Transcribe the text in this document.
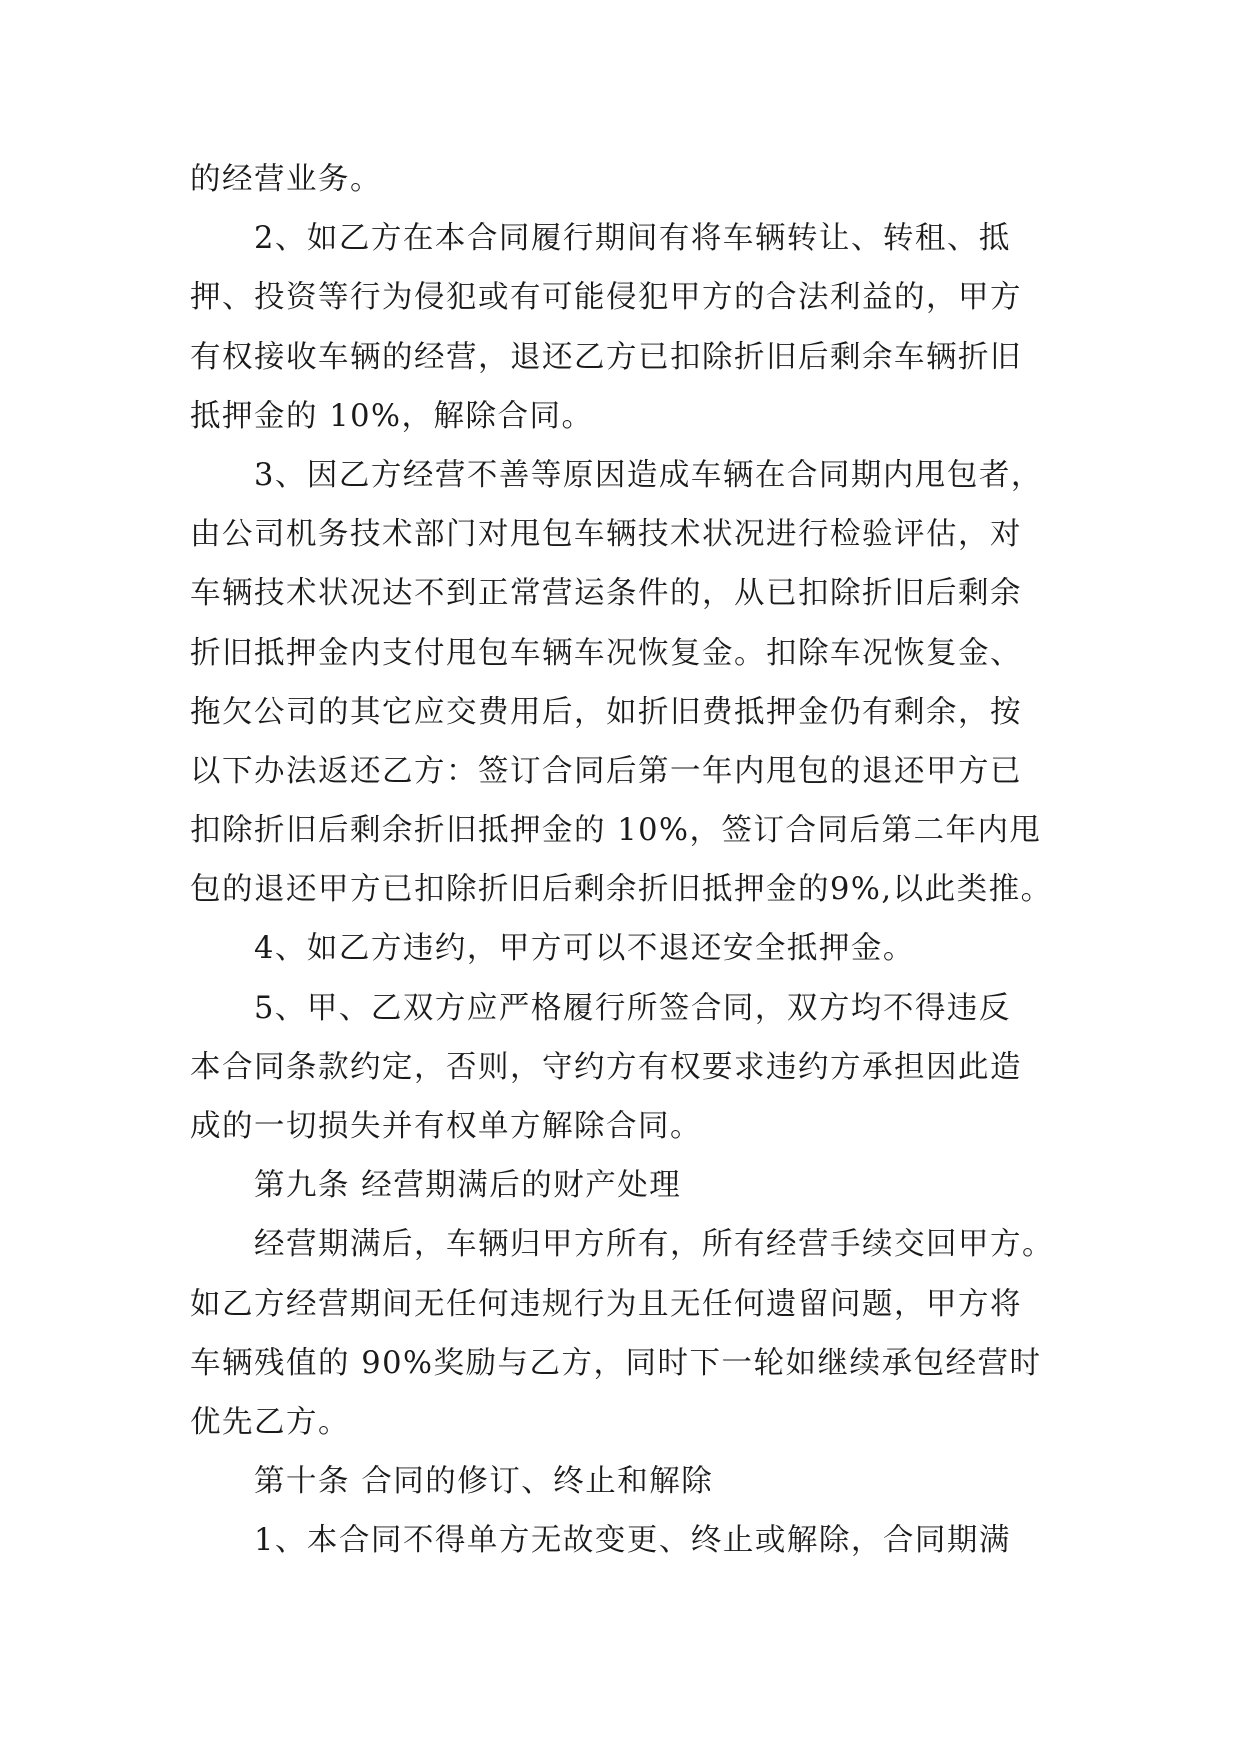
的经营业务。
2、如乙方在本合同履行期间有将车辆转让、转租、抵
押、投资等行为侵犯或有可能侵犯甲方的合法利益的，甲方
有权接收车辆的经营，退还乙方已扣除折旧后剩余车辆折旧
抵押金的 10%，解除合同。
3、因乙方经营不善等原因造成车辆在合同期内甩包者，
由公司机务技术部门对甩包车辆技术状况进行检验评估，对
车辆技术状况达不到正常营运条件的，从已扣除折旧后剩余
折旧抵押金内支付甩包车辆车况恢复金。扣除车况恢复金、
拖欠公司的其它应交费用后，如折旧费抵押金仍有剩余，按
以下办法返还乙方：签订合同后第一年内甩包的退还甲方已
扣除折旧后剩余折旧抵押金的 10%，签订合同后第二年内甩
包的退还甲方已扣除折旧后剩余折旧抵押金的9%,以此类推。
4、如乙方违约，甲方可以不退还安全抵押金。
5、甲、乙双方应严格履行所签合同，双方均不得违反
本合同条款约定，否则，守约方有权要求违约方承担因此造
成的一切损失并有权单方解除合同。
第九条 经营期满后的财产处理
经营期满后，车辆归甲方所有，所有经营手续交回甲方。
如乙方经营期间无任何违规行为且无任何遗留问题，甲方将
车辆残值的 90%奖励与乙方，同时下一轮如继续承包经营时
优先乙方。
第十条 合同的修订、终止和解除
1、本合同不得单方无故变更、终止或解除，合同期满
